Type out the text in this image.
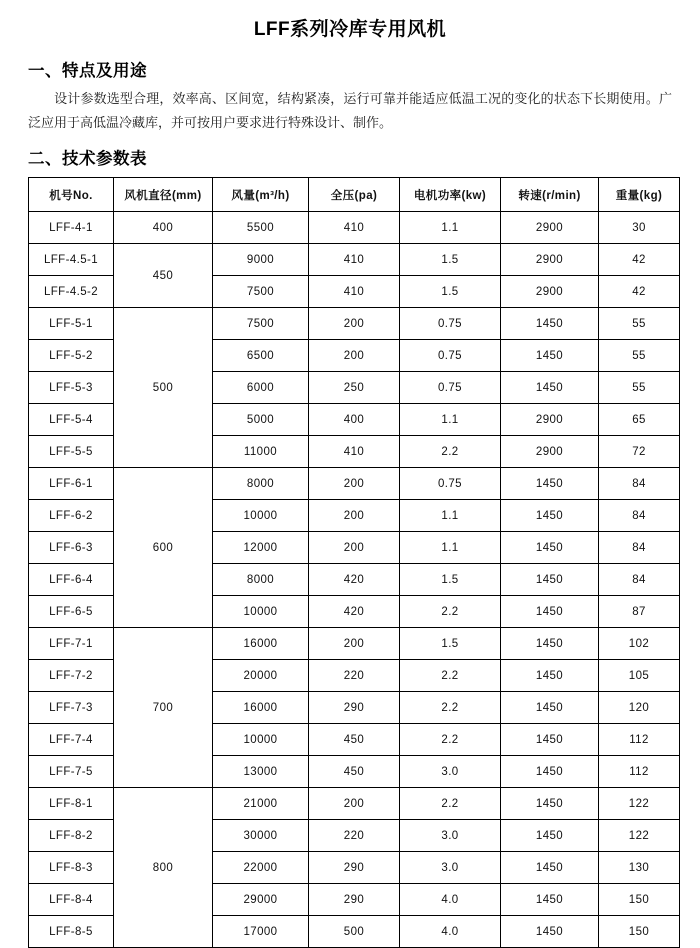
LFF系列冷库专用风机
一、特点及用途

设计参数选型合理，效率高、区间宽，结构紧凑，运行可靠并能适应低温工况的变化的状态下长期使用。广泛应用于高低温冷藏库，并可按用户要求进行特殊设计、制作。

二、技术参数表
机号No.	风机直径(mm)	风量(m³/h)	全压(pa)	电机功率(kw)	转速(r/min)	重量(kg)
LFF-4-1	400	5500	410	1.1	2900	30
LFF-4.5-1	450	9000	410	1.5	2900	42
LFF-4.5-2		7500	410	1.5	2900	42
LFF-5-1	500	7500	200	0.75	1450	55
LFF-5-2		6500	200	0.75	1450	55
LFF-5-3		6000	250	0.75	1450	55
LFF-5-4		5000	400	1.1	2900	65
LFF-5-5		11000	410	2.2	2900	72
LFF-6-1	600	8000	200	0.75	1450	84
LFF-6-2		10000	200	1.1	1450	84
LFF-6-3		12000	200	1.1	1450	84
LFF-6-4		8000	420	1.5	1450	84
LFF-6-5		10000	420	2.2	1450	87
LFF-7-1	700	16000	200	1.5	1450	102
LFF-7-2		20000	220	2.2	1450	105
LFF-7-3		16000	290	2.2	1450	120
LFF-7-4		10000	450	2.2	1450	112
LFF-7-5		13000	450	3.0	1450	112
LFF-8-1	800	21000	200	2.2	1450	122
LFF-8-2		30000	220	3.0	1450	122
LFF-8-3		22000	290	3.0	1450	130
LFF-8-4		29000	290	4.0	1450	150
LFF-8-5		17000	500	4.0	1450	150
